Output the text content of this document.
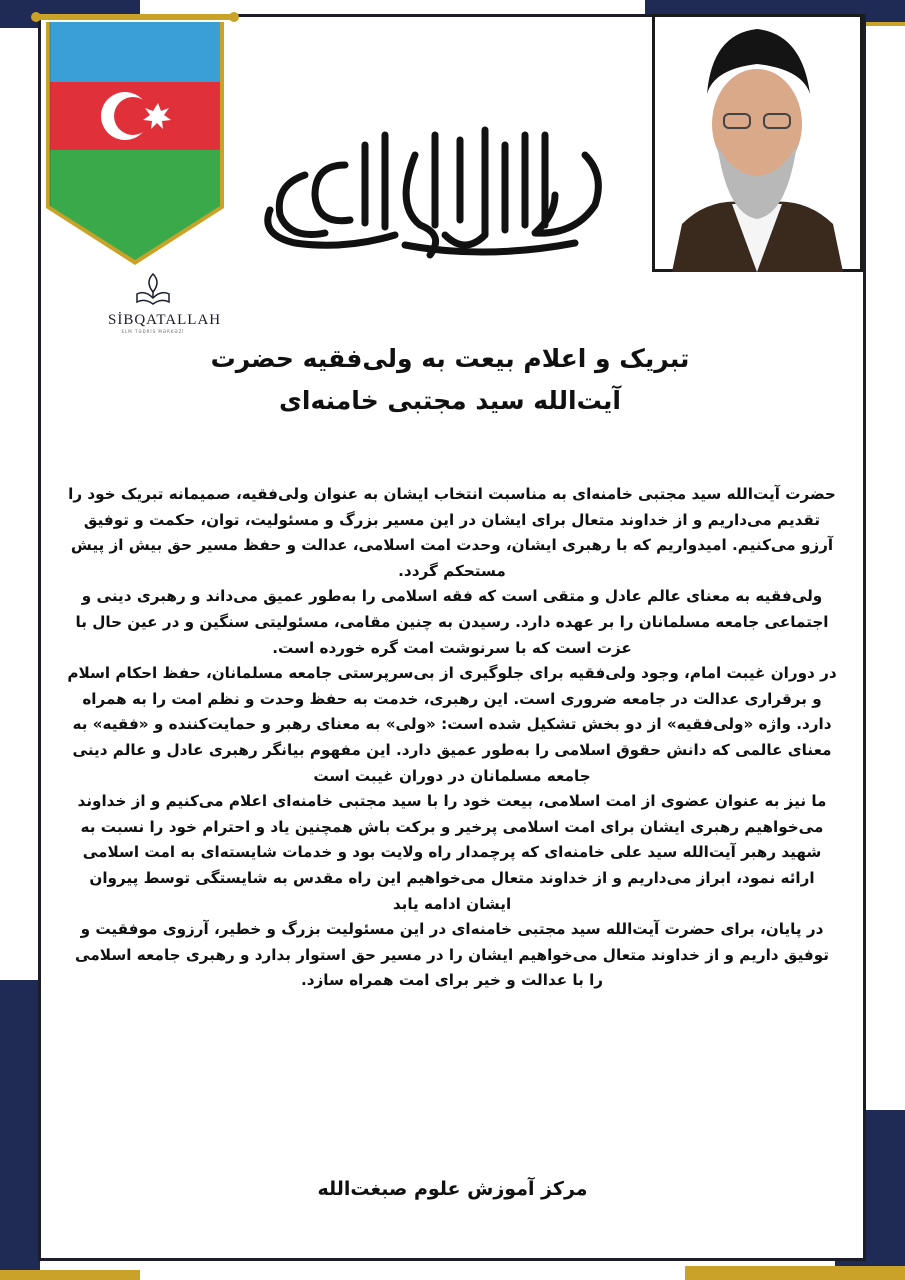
SİBQATALLAH
ELM TƏDRİS MƏRKƏZİ
تبریک و اعلام بیعت به ولی‌فقیه حضرت
آیت‌الله سید مجتبی خامنه‌ای

حضرت آیت‌الله سید مجتبی خامنه‌ای به مناسبت انتخاب ایشان به عنوان ولی‌فقیه، صمیمانه تبریک خود را تقدیم می‌داریم و از خداوند متعال برای ایشان در این مسیر بزرگ و مسئولیت، توان، حکمت و توفیق آرزو می‌کنیم. امیدواریم که با رهبری ایشان، وحدت امت اسلامی، عدالت و حفظ مسیر حق بیش از پیش مستحکم گردد.

ولی‌فقیه به معنای عالم عادل و متقی است که فقه اسلامی را به‌طور عمیق می‌داند و رهبری دینی و اجتماعی جامعه مسلمانان را بر عهده دارد. رسیدن به چنین مقامی، مسئولیتی سنگین و در عین حال با عزت است که با سرنوشت امت گره خورده است.

در دوران غیبت امام، وجود ولی‌فقیه برای جلوگیری از بی‌سرپرستی جامعه مسلمانان، حفظ احکام اسلام و برقراری عدالت در جامعه ضروری است. این رهبری، خدمت به حفظ وحدت و نظم امت را به همراه دارد. واژه «ولی‌فقیه» از دو بخش تشکیل شده است: «ولی» به معنای رهبر و حمایت‌کننده و «فقیه» به معنای عالمی که دانش حقوق اسلامی را به‌طور عمیق دارد. این مفهوم بیانگر رهبری عادل و عالم دینی جامعه مسلمانان در دوران غیبت است

ما نیز به عنوان عضوی از امت اسلامی، بیعت خود را با سید مجتبی خامنه‌ای اعلام می‌کنیم و از خداوند می‌خواهیم رهبری ایشان برای امت اسلامی پرخیر و برکت باش همچنین یاد و احترام خود را نسبت به شهید رهبر آیت‌الله سید علی خامنه‌ای که پرچمدار راه ولایت بود و خدمات شایسته‌ای به امت اسلامی ارائه نمود، ابراز می‌داریم و از خداوند متعال می‌خواهیم این راه مقدس به شایستگی توسط پیروان ایشان ادامه یابد

در پایان، برای حضرت آیت‌الله سید مجتبی خامنه‌ای در این مسئولیت بزرگ و خطیر، آرزوی موفقیت و توفیق داریم و از خداوند متعال می‌خواهیم ایشان را در مسیر حق استوار بدارد و رهبری جامعه اسلامی را با عدالت و خیر برای امت همراه سازد.

مرکز آموزش علوم صبغت‌الله
